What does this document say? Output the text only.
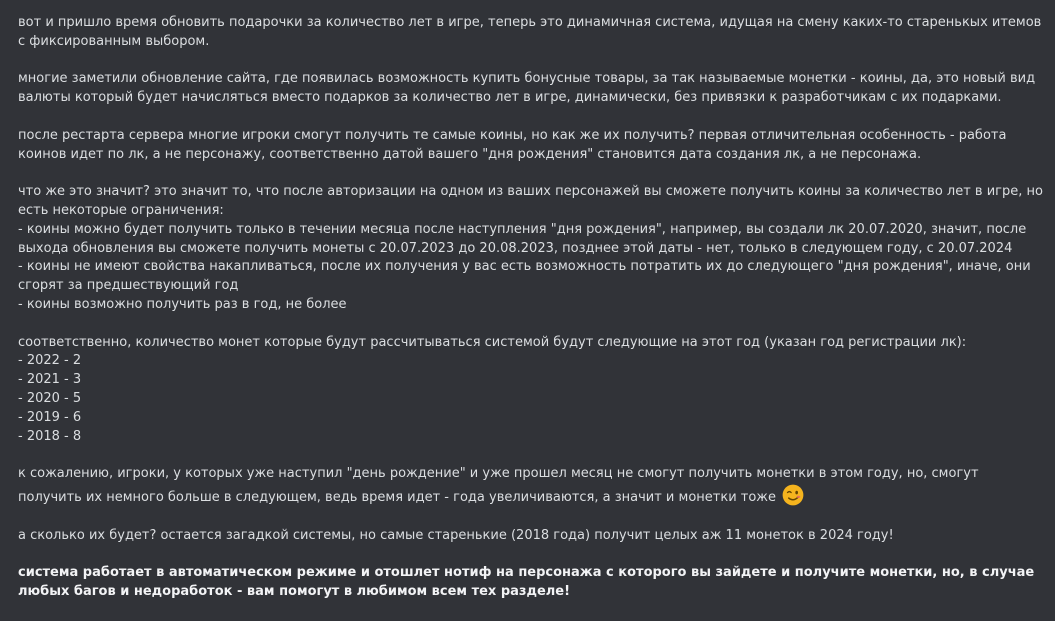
вот и пришло время обновить подарочки за количество лет в игре, теперь это динамичная система, идущая на смену каких-то старенькых итемов с фиксированным выбором.

многие заметили обновление сайта, где появилась возможность купить бонусные товары, за так называемые монетки - коины, да, это новый вид валюты который будет начисляться вместо подарков за количество лет в игре, динамически, без привязки к разработчикам с их подарками.

после рестарта сервера многие игроки смогут получить те самые коины, но как же их получить? первая отличительная особенность - работа коинов идет по лк, а не персонажу, соответственно датой вашего "дня рождения" становится дата создания лк, а не персонажа.

что же это значит? это значит то, что после авторизации на одном из ваших персонажей вы сможете получить коины за количество лет в игре, но есть некоторые ограничения:
- коины можно будет получить только в течении месяца после наступления "дня рождения", например, вы создали лк 20.07.2020, значит, после выхода обновления вы сможете получить монеты с 20.07.2023 до 20.08.2023, позднее этой даты - нет, только в следующем году, с 20.07.2024
- коины не имеют свойства накапливаться, после их получения у вас есть возможность потратить их до следующего "дня рождения", иначе, они сгорят за предшествующий год
- коины возможно получить раз в год, не более

соответственно, количество монет которые будут рассчитываться системой будут следующие на этот год (указан год регистрации лк):
- 2022 - 2
- 2021 - 3
- 2020 - 5
- 2019 - 6
- 2018 - 8

к сожалению, игроки, у которых уже наступил "день рождение" и уже прошел месяц не смогут получить монетки в этом году, но, смогут получить их немного больше в следующем, ведь время идет - года увеличиваются, а значит и монетки тоже

а сколько их будет? остается загадкой системы, но самые старенькие (2018 года) получит целых аж 11 монеток в 2024 году!

система работает в автоматическом режиме и отошлет нотиф на персонажа с которого вы зайдете и получите монетки, но, в случае любых багов и недоработок - вам помогут в любимом всем тех разделе!
